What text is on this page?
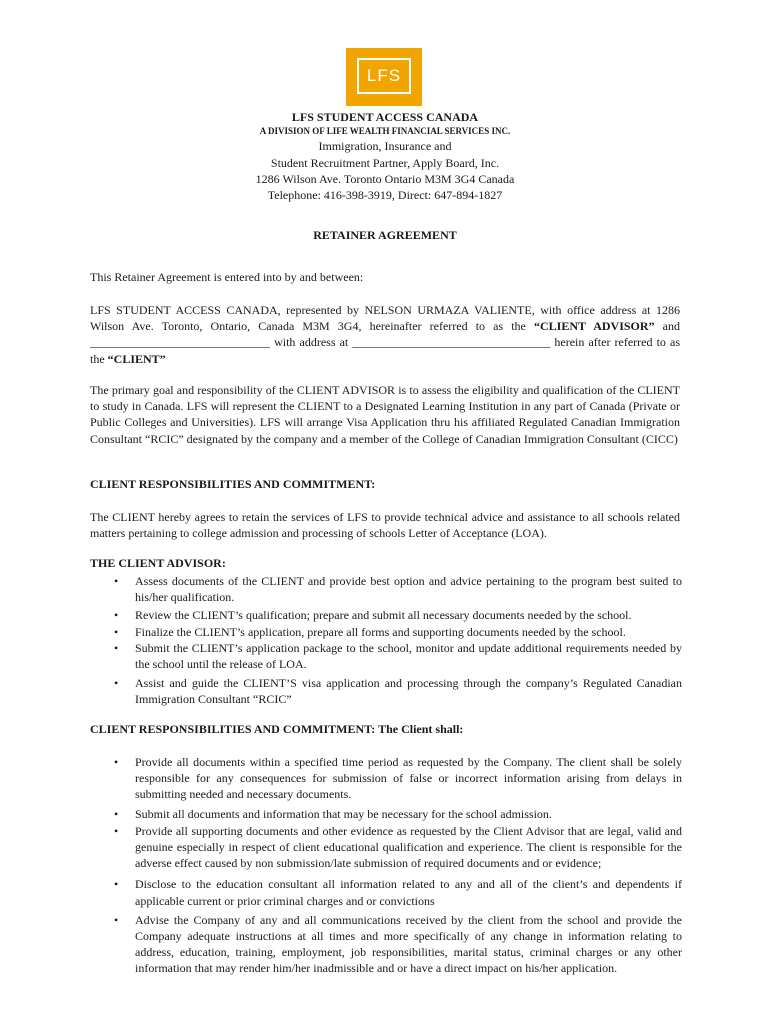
LFS
LFS STUDENT ACCESS CANADA
A DIVISION OF LIFE WEALTH FINANCIAL SERVICES INC.
Immigration, Insurance and
Student Recruitment Partner, Apply Board, Inc.
1286 Wilson Ave. Toronto Ontario M3M 3G4 Canada
Telephone: 416-398-3919, Direct: 647-894-1827
RETAINER AGREEMENT
This Retainer Agreement is entered into by and between:
LFS STUDENT ACCESS CANADA, represented by NELSON URMAZA VALIENTE, with office address at 1286 Wilson Ave. Toronto, Ontario, Canada M3M 3G4, hereinafter referred to as the “CLIENT ADVISOR” and ______________________________ with address at _________________________________ herein after referred to as the “CLIENT”
The primary goal and responsibility of the CLIENT ADVISOR is to assess the eligibility and qualification of the CLIENT to study in Canada. LFS will represent the CLIENT to a Designated Learning Institution in any part of Canada (Private or Public Colleges and Universities). LFS will arrange Visa Application thru his affiliated Regulated Canadian Immigration Consultant “RCIC” designated by the company and a member of the College of Canadian Immigration Consultant (CICC)
CLIENT RESPONSIBILITIES AND COMMITMENT:
The CLIENT hereby agrees to retain the services of LFS to provide technical advice and assistance to all schools related matters pertaining to college admission and processing of schools Letter of Acceptance (LOA).
THE CLIENT ADVISOR:
• Assess documents of the CLIENT and provide best option and advice pertaining to the program best suited to his/her qualification.
• Review the CLIENT’s qualification; prepare and submit all necessary documents needed by the school.
• Finalize the CLIENT’s application, prepare all forms and supporting documents needed by the school.
• Submit the CLIENT’s application package to the school, monitor and update additional requirements needed by the school until the release of LOA.
• Assist and guide the CLIENT’S visa application and processing through the company’s Regulated Canadian Immigration Consultant “RCIC”
CLIENT RESPONSIBILITIES AND COMMITMENT: The Client shall:
• Provide all documents within a specified time period as requested by the Company. The client shall be solely responsible for any consequences for submission of false or incorrect information arising from delays in submitting needed and necessary documents.
• Submit all documents and information that may be necessary for the school admission.
• Provide all supporting documents and other evidence as requested by the Client Advisor that are legal, valid and genuine especially in respect of client educational qualification and experience. The client is responsible for the adverse effect caused by non submission/late submission of required documents and or evidence;
• Disclose to the education consultant all information related to any and all of the client’s and dependents if applicable current or prior criminal charges and or convictions
• Advise the Company of any and all communications received by the client from the school and provide the Company adequate instructions at all times and more specifically of any change in information relating to address, education, training, employment, job responsibilities, marital status, criminal charges or any other information that may render him/her inadmissible and or have a direct impact on his/her application.
